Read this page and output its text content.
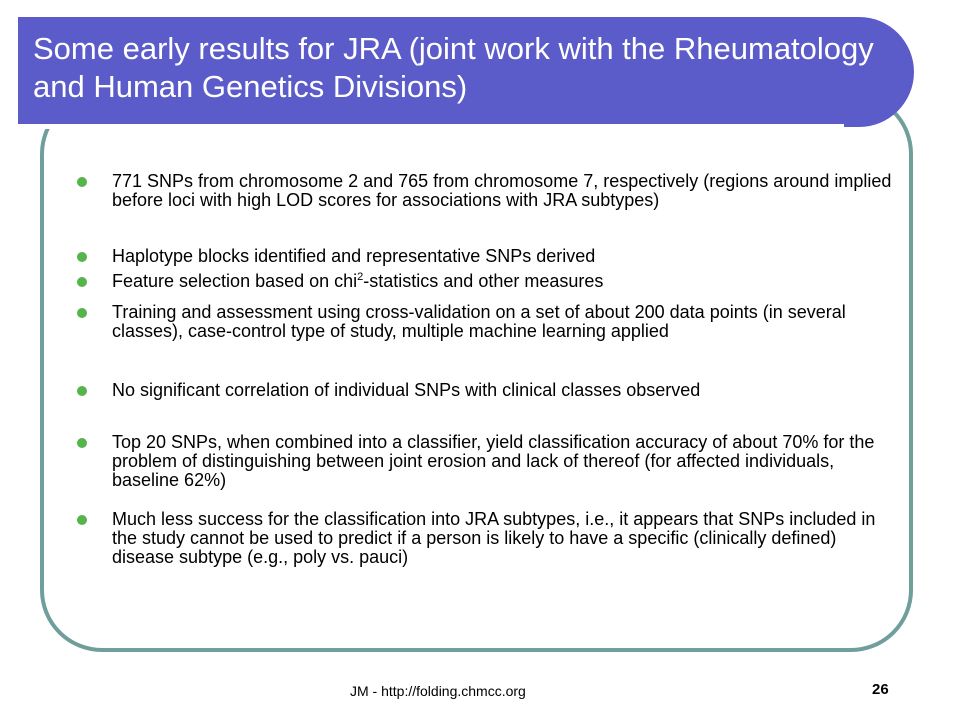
Some early results for JRA (joint work with the Rheumatology and Human Genetics Divisions)
771 SNPs from chromosome 2 and 765 from chromosome 7, respectively (regions around implied before loci with high LOD scores for associations with JRA subtypes)
Haplotype blocks identified and representative SNPs derived
Feature selection based on chi$^2$-statistics and other measures
Training and assessment using cross-validation on a set of about 200 data points (in several classes), case-control type of study, multiple machine learning applied
No significant correlation of individual SNPs with clinical classes observed
Top 20 SNPs, when combined into a classifier, yield classification accuracy of about 70% for the problem of distinguishing between joint erosion and lack of thereof (for affected individuals, baseline 62%)
Much less success for the classification into JRA subtypes, i.e., it appears that SNPs included in the study cannot be used to predict if a person is likely to have a specific (clinically defined) disease subtype (e.g., poly vs. pauci)
JM - http://folding.chmcc.org	26
